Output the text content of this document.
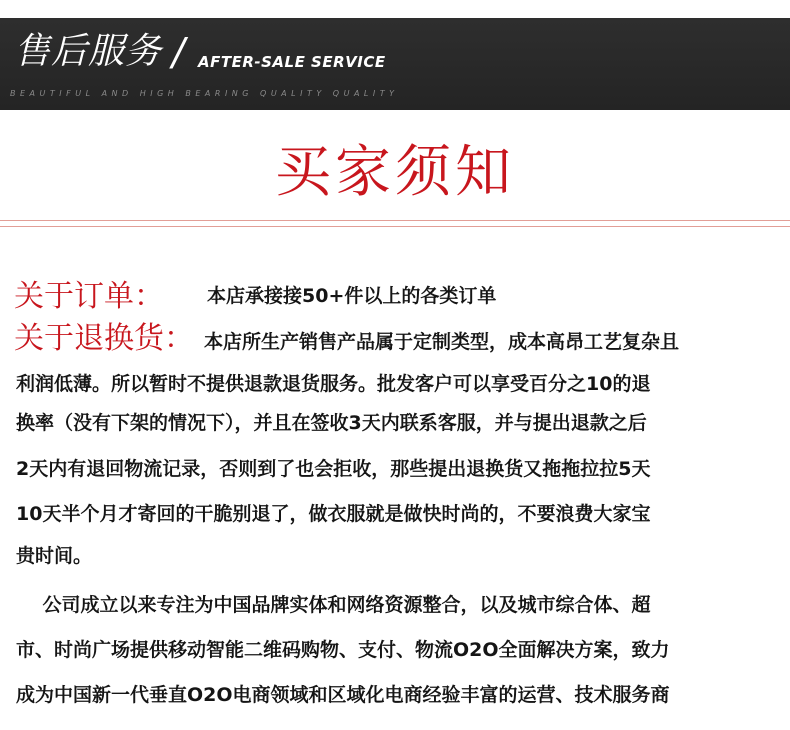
售后服务 / AFTER-SALE SERVICE
BEAUTIFUL AND HIGH BEARING QUALITY QUALITY
买家须知
关于订单： 本店承接接50+件以上的各类订单
关于退换货： 本店所生产销售产品属于定制类型，成本高昂工艺复杂且
利润低薄。所以暂时不提供退款退货服务。批发客户可以享受百分之10的退
换率（没有下架的情况下），并且在签收3天内联系客服，并与提出退款之后
2天内有退回物流记录，否则到了也会拒收，那些提出退换货又拖拖拉拉5天
10天半个月才寄回的干脆别退了，做衣服就是做快时尚的，不要浪费大家宝
贵时间。
公司成立以来专注为中国品牌实体和网络资源整合，以及城市综合体、超
市、时尚广场提供移动智能二维码购物、支付、物流O2O全面解决方案，致力
成为中国新一代垂直O2O电商领域和区域化电商经验丰富的运营、技术服务商
